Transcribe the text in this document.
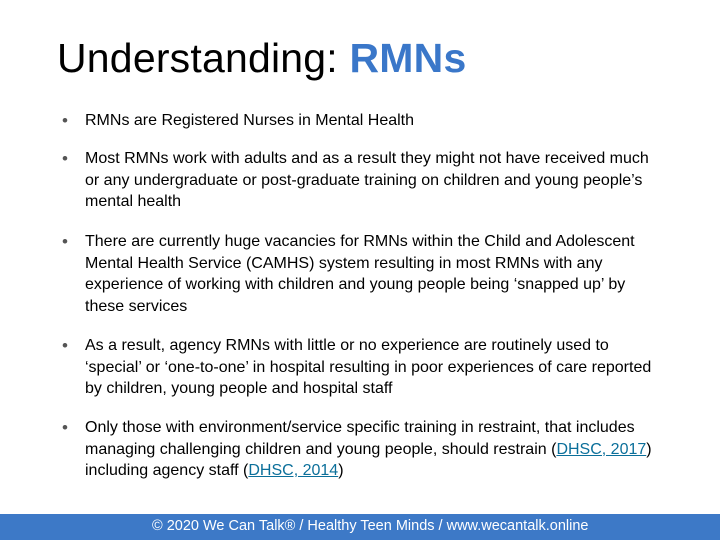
Understanding: RMNs
• RMNs are Registered Nurses in Mental Health
• Most RMNs work with adults and as a result they might not have received much or any undergraduate or post-graduate training on children and young people’s mental health
• There are currently huge vacancies for RMNs within the Child and Adolescent Mental Health Service (CAMHS) system resulting in most RMNs with any experience of working with children and young people being ‘snapped up’ by these services
• As a result, agency RMNs with little or no experience are routinely used to ‘special’ or ‘one-to-one’ in hospital resulting in poor experiences of care reported by children, young people and hospital staff
• Only those with environment/service specific training in restraint, that includes managing challenging children and young people, should restrain (DHSC, 2017) including agency staff (DHSC, 2014)
© 2020 We Can Talk® / Healthy Teen Minds / www.wecantalk.online
